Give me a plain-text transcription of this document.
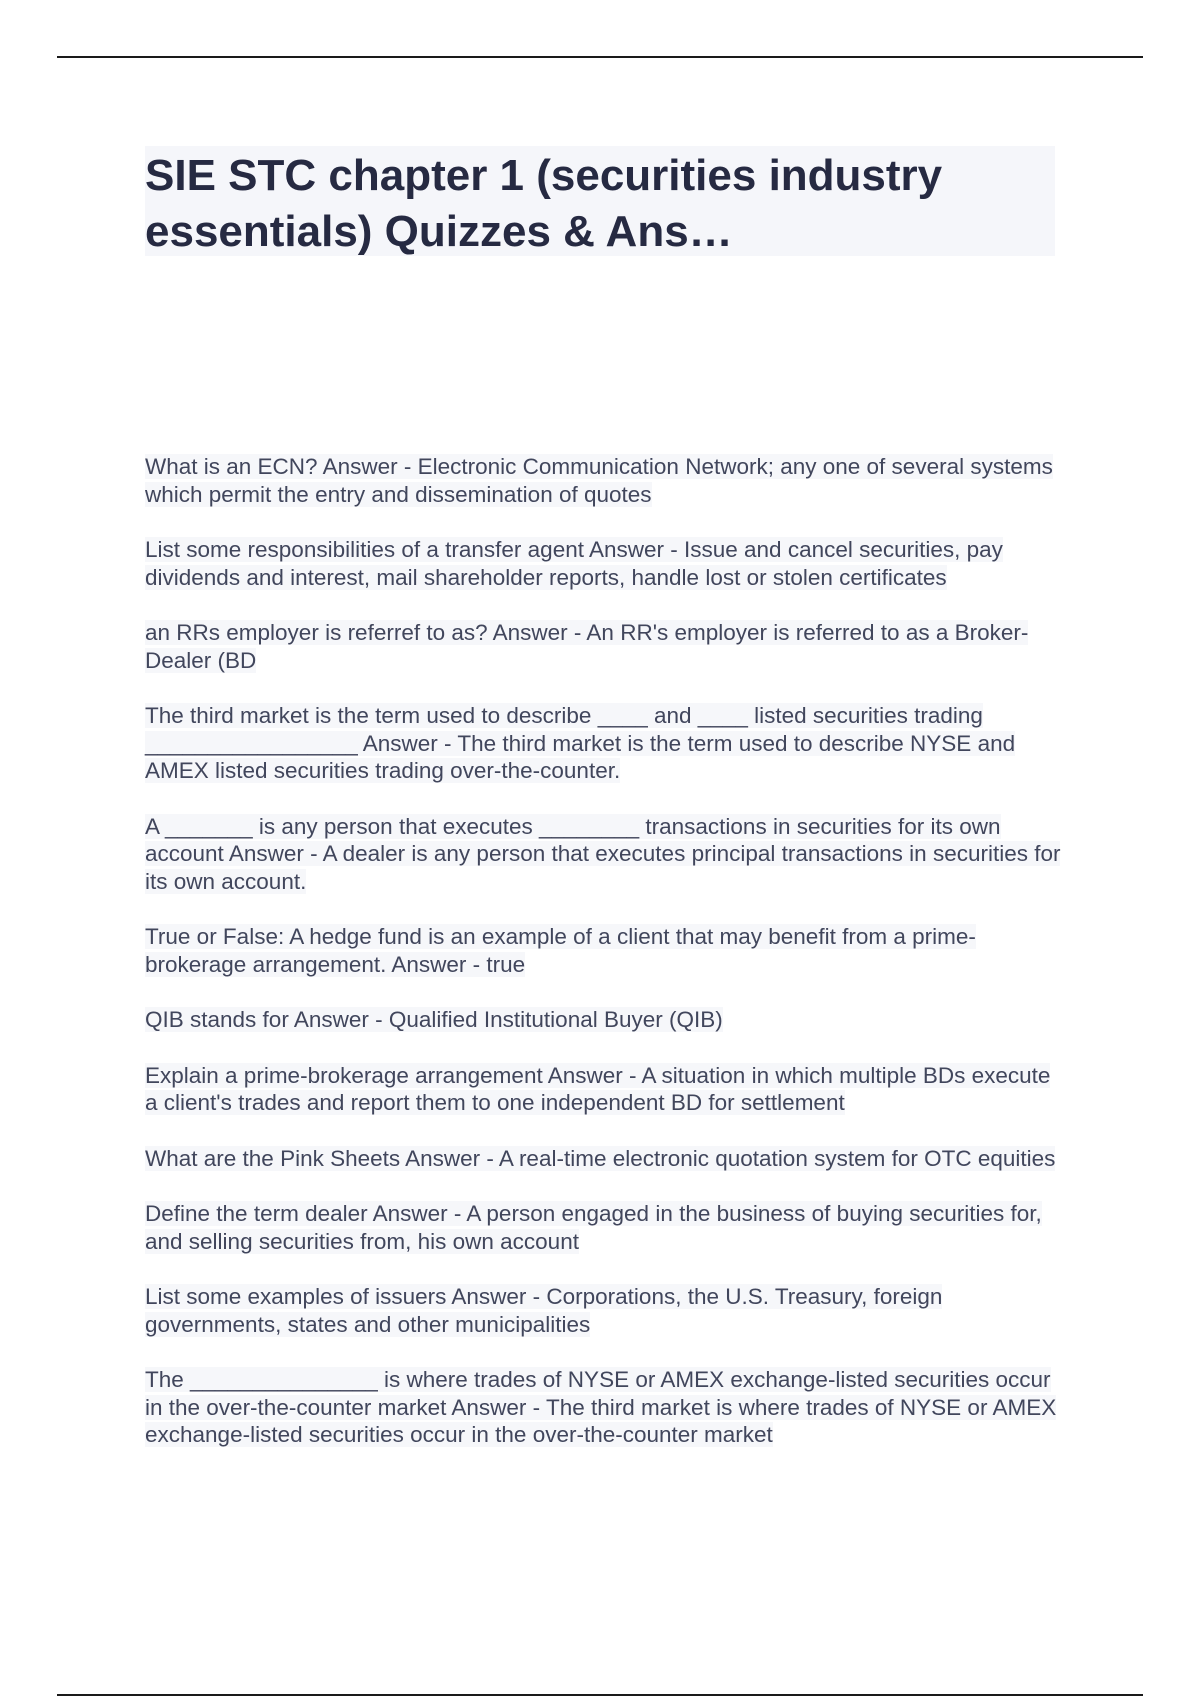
SIE STC chapter 1 (securities industry essentials) Quizzes & Ans…

What is an ECN? Answer - Electronic Communication Network; any one of several systems which permit the entry and dissemination of quotes

List some responsibilities of a transfer agent Answer - Issue and cancel securities, pay dividends and interest, mail shareholder reports, handle lost or stolen certificates

an RRs employer is referref to as? Answer - An RR's employer is referred to as a Broker-Dealer (BD

The third market is the term used to describe ____ and ____ listed securities trading _________________ Answer - The third market is the term used to describe NYSE and AMEX listed securities trading over-the-counter.

A _______ is any person that executes ________ transactions in securities for its own account Answer - A dealer is any person that executes principal transactions in securities for its own account.

True or False: A hedge fund is an example of a client that may benefit from a prime-brokerage arrangement. Answer - true

QIB stands for Answer - Qualified Institutional Buyer (QIB)

Explain a prime-brokerage arrangement Answer - A situation in which multiple BDs execute a client's trades and report them to one independent BD for settlement

What are the Pink Sheets Answer - A real-time electronic quotation system for OTC equities

Define the term dealer Answer - A person engaged in the business of buying securities for, and selling securities from, his own account

List some examples of issuers Answer - Corporations, the U.S. Treasury, foreign governments, states and other municipalities

The _______________ is where trades of NYSE or AMEX exchange-listed securities occur in the over-the-counter market Answer - The third market is where trades of NYSE or AMEX exchange-listed securities occur in the over-the-counter market
